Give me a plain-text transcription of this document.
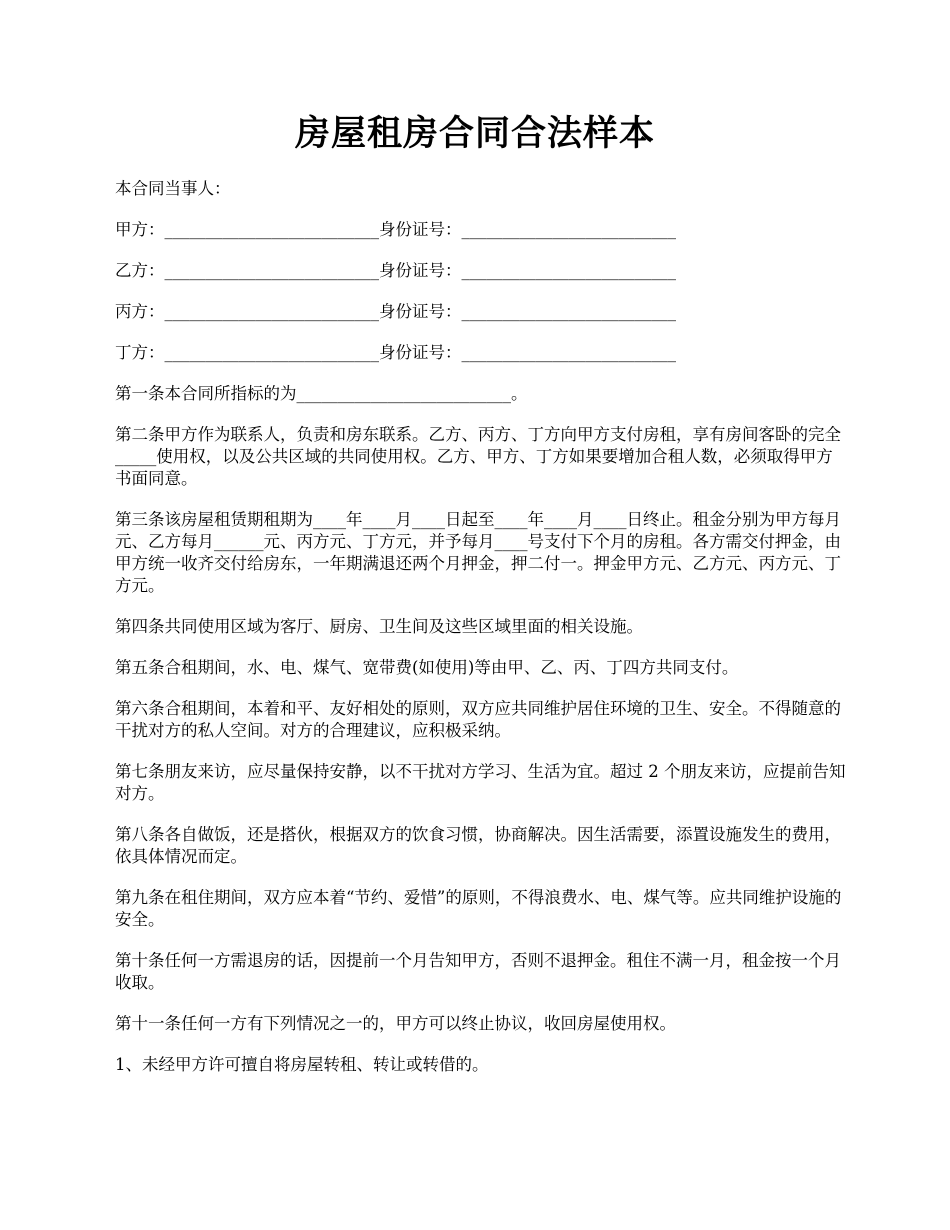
房屋租房合同合法样本
本合同当事人：
甲方：__________________________身份证号：__________________________
乙方：__________________________身份证号：__________________________
丙方：__________________________身份证号：__________________________
丁方：__________________________身份证号：__________________________
第一条本合同所指标的为__________________________。
第二条甲方作为联系人，负责和房东联系。乙方、丙方、丁方向甲方支付房租，享有房间客卧的完全_____使用权，以及公共区域的共同使用权。乙方、甲方、丁方如果要增加合租人数，必须取得甲方书面同意。
第三条该房屋租赁期租期为____年____月____日起至____年____月____日终止。租金分别为甲方每月元、乙方每月______元、丙方元、丁方元，并予每月____号支付下个月的房租。各方需交付押金，由甲方统一收齐交付给房东，一年期满退还两个月押金，押二付一。押金甲方元、乙方元、丙方元、丁方元。
第四条共同使用区域为客厅、厨房、卫生间及这些区域里面的相关设施。
第五条合租期间，水、电、煤气、宽带费(如使用)等由甲、乙、丙、丁四方共同支付。
第六条合租期间，本着和平、友好相处的原则，双方应共同维护居住环境的卫生、安全。不得随意的干扰对方的私人空间。对方的合理建议，应积极采纳。
第七条朋友来访，应尽量保持安静，以不干扰对方学习、生活为宜。超过 2 个朋友来访，应提前告知对方。
第八条各自做饭，还是搭伙，根据双方的饮食习惯，协商解决。因生活需要，添置设施发生的费用，依具体情况而定。
第九条在租住期间，双方应本着“节约、爱惜”的原则，不得浪费水、电、煤气等。应共同维护设施的安全。
第十条任何一方需退房的话，因提前一个月告知甲方，否则不退押金。租住不满一月，租金按一个月收取。
第十一条任何一方有下列情况之一的，甲方可以终止协议，收回房屋使用权。
1、未经甲方许可擅自将房屋转租、转让或转借的。
